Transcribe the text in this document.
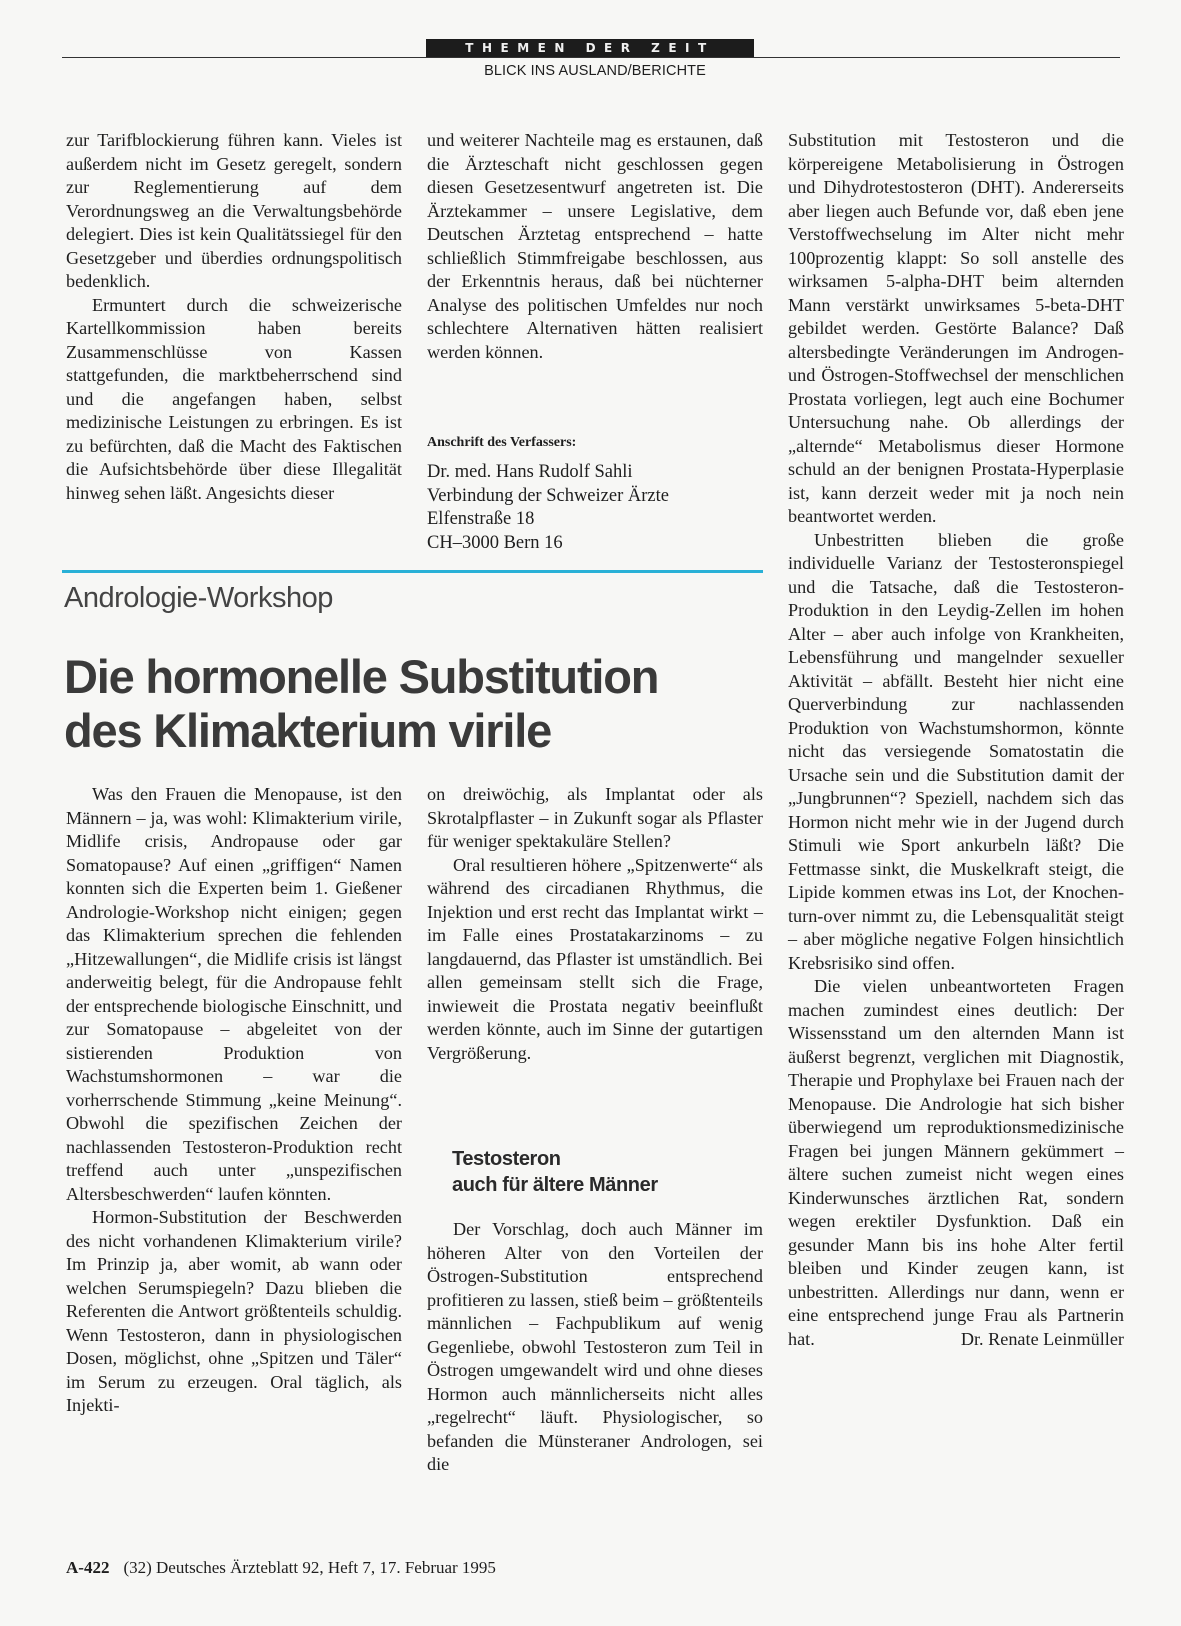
THEMEN DER ZEIT
BLICK INS AUSLAND/BERICHTE

zur Tarifblockierung führen kann. Vieles ist außerdem nicht im Gesetz geregelt, sondern zur Reglementierung auf dem Verordnungsweg an die Verwaltungsbehörde delegiert. Dies ist kein Qualitätssiegel für den Gesetzgeber und überdies ordnungspolitisch bedenklich.

Ermuntert durch die schweizerische Kartellkommission haben bereits Zusammenschlüsse von Kassen stattgefunden, die marktbeherrschend sind und die angefangen haben, selbst medizinische Leistungen zu erbringen. Es ist zu befürchten, daß die Macht des Faktischen die Aufsichtsbehörde über diese Illegalität hinweg sehen läßt. Angesichts dieser

und weiterer Nachteile mag es erstaunen, daß die Ärzteschaft nicht geschlossen gegen diesen Gesetzesentwurf angetreten ist. Die Ärztekammer – unsere Legislative, dem Deutschen Ärztetag entsprechend – hatte schließlich Stimmfreigabe beschlossen, aus der Erkenntnis heraus, daß bei nüchterner Analyse des politischen Umfeldes nur noch schlechtere Alternativen hätten realisiert werden können.

Anschrift des Verfassers:
Dr. med. Hans Rudolf Sahli
Verbindung der Schweizer Ärzte
Elfenstraße 18
CH–3000 Bern 16
Andrologie-Workshop
Die hormonelle Substitution
des Klimakterium virile

Was den Frauen die Menopause, ist den Männern – ja, was wohl: Klimakterium virile, Midlife crisis, Andropause oder gar Somatopause? Auf einen „griffigen“ Namen konnten sich die Experten beim 1. Gießener Andrologie-Workshop nicht einigen; gegen das Klimakterium sprechen die fehlenden „Hitzewallungen“, die Midlife crisis ist längst anderweitig belegt, für die Andropause fehlt der entsprechende biologische Einschnitt, und zur Somatopause – abgeleitet von der sistierenden Produktion von Wachstumshormonen – war die vorherrschende Stimmung „keine Meinung“. Obwohl die spezifischen Zeichen der nachlassenden Testosteron-Produktion recht treffend auch unter „unspezifischen Altersbeschwerden“ laufen könnten.

Hormon-Substitution der Beschwerden des nicht vorhandenen Klimakterium virile? Im Prinzip ja, aber womit, ab wann oder welchen Serumspiegeln? Dazu blieben die Referenten die Antwort größtenteils schuldig. Wenn Testosteron, dann in physiologischen Dosen, möglichst, ohne „Spitzen und Täler“ im Serum zu erzeugen. Oral täglich, als Injekti-

on dreiwöchig, als Implantat oder als Skrotalpflaster – in Zukunft sogar als Pflaster für weniger spektakuläre Stellen?

Oral resultieren höhere „Spitzenwerte“ als während des circadianen Rhythmus, die Injektion und erst recht das Implantat wirkt – im Falle eines Prostatakarzinoms – zu langdauernd, das Pflaster ist umständlich. Bei allen gemeinsam stellt sich die Frage, inwieweit die Prostata negativ beeinflußt werden könnte, auch im Sinne der gutartigen Vergrößerung.

Testosteron
auch für ältere Männer

Der Vorschlag, doch auch Männer im höheren Alter von den Vorteilen der Östrogen-Substitution entsprechend profitieren zu lassen, stieß beim – größtenteils männlichen – Fachpublikum auf wenig Gegenliebe, obwohl Testosteron zum Teil in Östrogen umgewandelt wird und ohne dieses Hormon auch männlicherseits nicht alles „regelrecht“ läuft. Physiologischer, so befanden die Münsteraner Andrologen, sei die

Substitution mit Testosteron und die körpereigene Metabolisierung in Östrogen und Dihydrotestosteron (DHT). Andererseits aber liegen auch Befunde vor, daß eben jene Verstoffwechselung im Alter nicht mehr 100prozentig klappt: So soll anstelle des wirksamen 5-alpha-DHT beim alternden Mann verstärkt unwirksames 5-beta-DHT gebildet werden. Gestörte Balance? Daß altersbedingte Veränderungen im Androgen- und Östrogen-Stoffwechsel der menschlichen Prostata vorliegen, legt auch eine Bochumer Untersuchung nahe. Ob allerdings der „alternde“ Metabolismus dieser Hormone schuld an der benignen Prostata-Hyperplasie ist, kann derzeit weder mit ja noch nein beantwortet werden.

Unbestritten blieben die große individuelle Varianz der Testosteronspiegel und die Tatsache, daß die Testosteron-Produktion in den Leydig-Zellen im hohen Alter – aber auch infolge von Krankheiten, Lebensführung und mangelnder sexueller Aktivität – abfällt. Besteht hier nicht eine Querverbindung zur nachlassenden Produktion von Wachstumshormon, könnte nicht das versiegende Somatostatin die Ursache sein und die Substitution damit der „Jungbrunnen“? Speziell, nachdem sich das Hormon nicht mehr wie in der Jugend durch Stimuli wie Sport ankurbeln läßt? Die Fettmasse sinkt, die Muskelkraft steigt, die Lipide kommen etwas ins Lot, der Knochen-turn-over nimmt zu, die Lebensqualität steigt – aber mögliche negative Folgen hinsichtlich Krebsrisiko sind offen.

Die vielen unbeantworteten Fragen machen zumindest eines deutlich: Der Wissensstand um den alternden Mann ist äußerst begrenzt, verglichen mit Diagnostik, Therapie und Prophylaxe bei Frauen nach der Menopause. Die Andrologie hat sich bisher überwiegend um reproduktionsmedizinische Fragen bei jungen Männern gekümmert – ältere suchen zumeist nicht wegen eines Kinderwunsches ärztlichen Rat, sondern wegen erektiler Dysfunktion. Daß ein gesunder Mann bis ins hohe Alter fertil bleiben und Kinder zeugen kann, ist unbestritten. Allerdings nur dann, wenn er eine entsprechend junge Frau als Partnerin hat.	Dr. Renate Leinmüller

A-422 (32) Deutsches Ärzteblatt 92, Heft 7, 17. Februar 1995
